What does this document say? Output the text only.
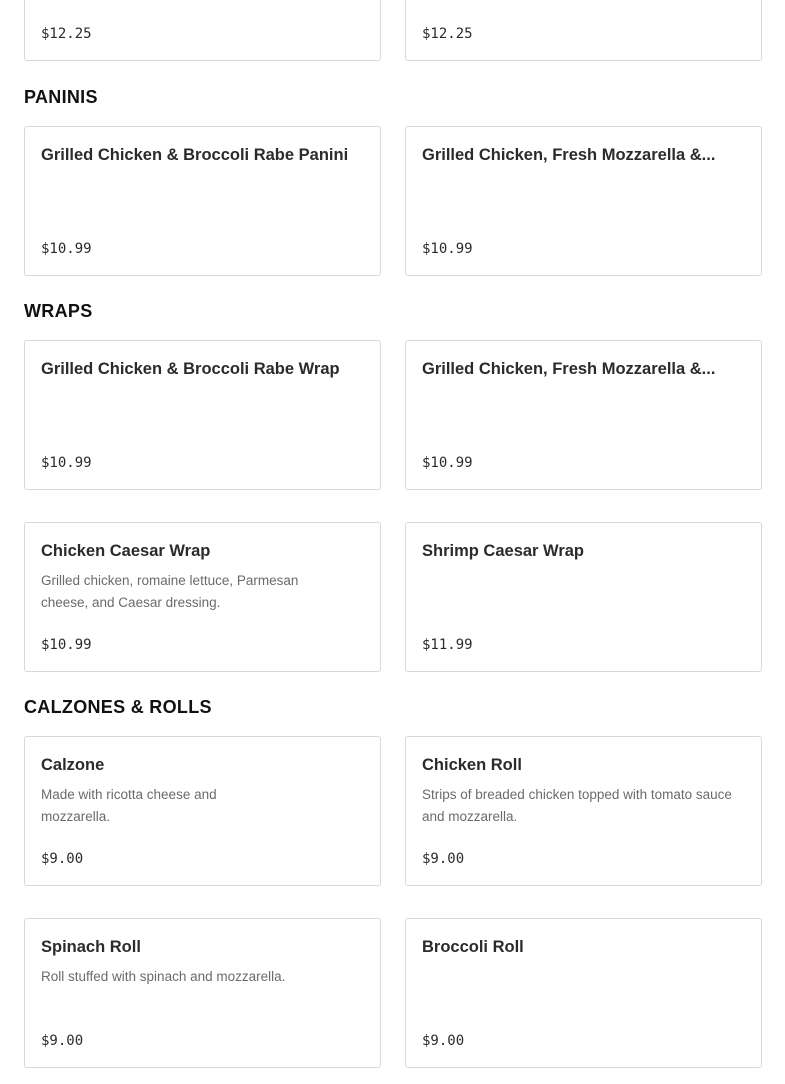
$12.25	$12.25
PANINIS
Grilled Chicken & Broccoli Rabe Panini
$10.99
Grilled Chicken, Fresh Mozzarella &...
$10.99
WRAPS
Grilled Chicken & Broccoli Rabe Wrap
$10.99
Grilled Chicken, Fresh Mozzarella &...
$10.99
Chicken Caesar Wrap
Grilled chicken, romaine lettuce, Parmesan cheese, and Caesar dressing.
$10.99
Shrimp Caesar Wrap
$11.99
CALZONES & ROLLS
Calzone
Made with ricotta cheese and mozzarella.
$9.00
Chicken Roll
Strips of breaded chicken topped with tomato sauce and mozzarella.
$9.00
Spinach Roll
Roll stuffed with spinach and mozzarella.
$9.00
Broccoli Roll
$9.00
